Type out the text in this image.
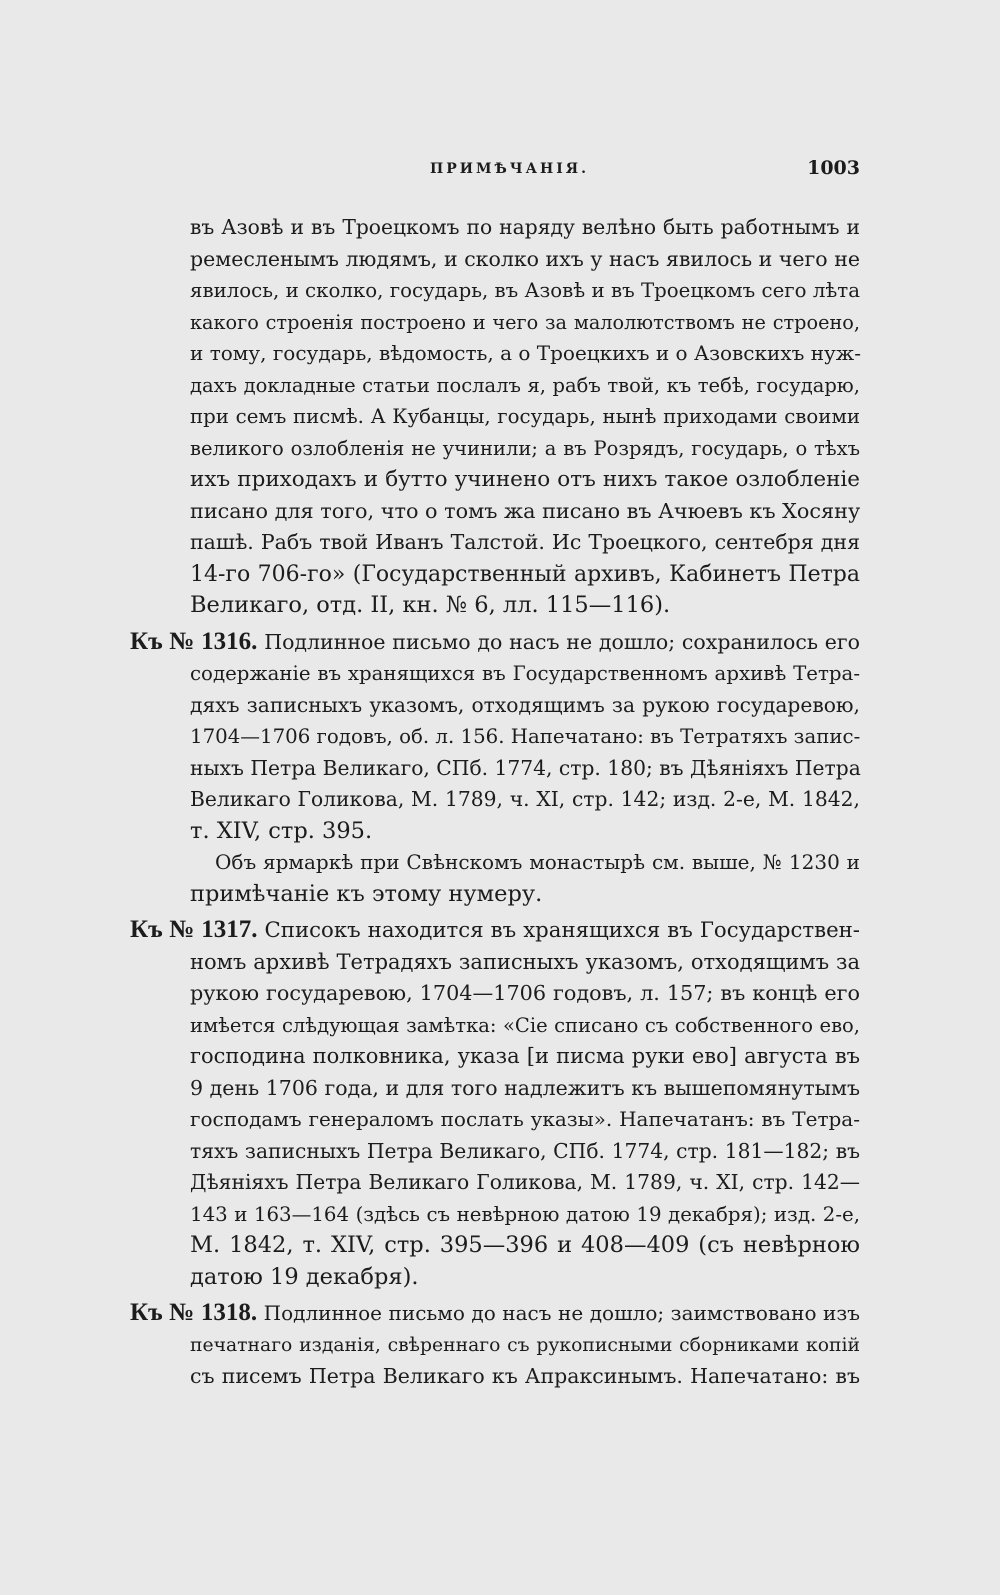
ПРИМѢЧАНІЯ.	1003
въ Азовѣ и въ Троецкомъ по наряду велѣно быть работнымъ и
ремесленымъ людямъ, и сколко ихъ у насъ явилось и чего не
явилось, и сколко, государь, въ Азовѣ и въ Троецкомъ сего лѣта
какого строенія построено и чего за малолютствомъ не строено,
и тому, государь, вѣдомость, а о Троецкихъ и о Азовскихъ нуж-
дахъ докладные статьи послалъ я, рабъ твой, къ тебѣ, государю,
при семъ писмѣ. А Кубанцы, государь, нынѣ приходами своими
великого озлобленія не учинили; а въ Розрядъ, государь, о тѣхъ
ихъ приходахъ и бутто учинено отъ нихъ такое озлобленіе
писано для того, что о томъ жа писано въ Ачюевъ къ Хосяну
пашѣ. Рабъ твой Иванъ Талстой. Ис Троецкого, сентебря дня
14-го 706-го» (Государственный архивъ, Кабинетъ Петра
Великаго, отд. II, кн. № 6, лл. 115—116).
Къ № 1316. Подлинное письмо до насъ не дошло; сохранилось его
содержаніе въ хранящихся въ Государственномъ архивѣ Тетра-
дяхъ записныхъ указомъ, отходящимъ за рукою государевою,
1704—1706 годовъ, об. л. 156. Напечатано: въ Тетратяхъ запис-
ныхъ Петра Великаго, СПб. 1774, стр. 180; въ Дѣяніяхъ Петра
Великаго Голикова, М. 1789, ч. XI, стр. 142; изд. 2-е, М. 1842,
т. XIV, стр. 395.
Объ ярмаркѣ при Свѣнскомъ монастырѣ см. выше, № 1230 и
примѣчаніе къ этому нумеру.
Къ № 1317. Списокъ находится въ хранящихся въ Государствен-
номъ архивѣ Тетрадяхъ записныхъ указомъ, отходящимъ за
рукою государевою, 1704—1706 годовъ, л. 157; въ концѣ его
имѣется слѣдующая замѣтка: «Сіе списано съ собственного ево,
господина полковника, указа [и писма руки ево] августа въ
9 день 1706 года, и для того надлежитъ къ вышепомянутымъ
господамъ генераломъ послать указы». Напечатанъ: въ Тетра-
тяхъ записныхъ Петра Великаго, СПб. 1774, стр. 181—182; въ
Дѣяніяхъ Петра Великаго Голикова, М. 1789, ч. XI, стр. 142—
143 и 163—164 (здѣсь съ невѣрною датою 19 декабря); изд. 2-е,
М. 1842, т. XIV, стр. 395—396 и 408—409 (съ невѣрною
датою 19 декабря).
Къ № 1318. Подлинное письмо до насъ не дошло; заимствовано изъ
печатнаго изданія, свѣреннаго съ рукописными сборниками копій
съ писемъ Петра Великаго къ Апраксинымъ. Напечатано: въ
